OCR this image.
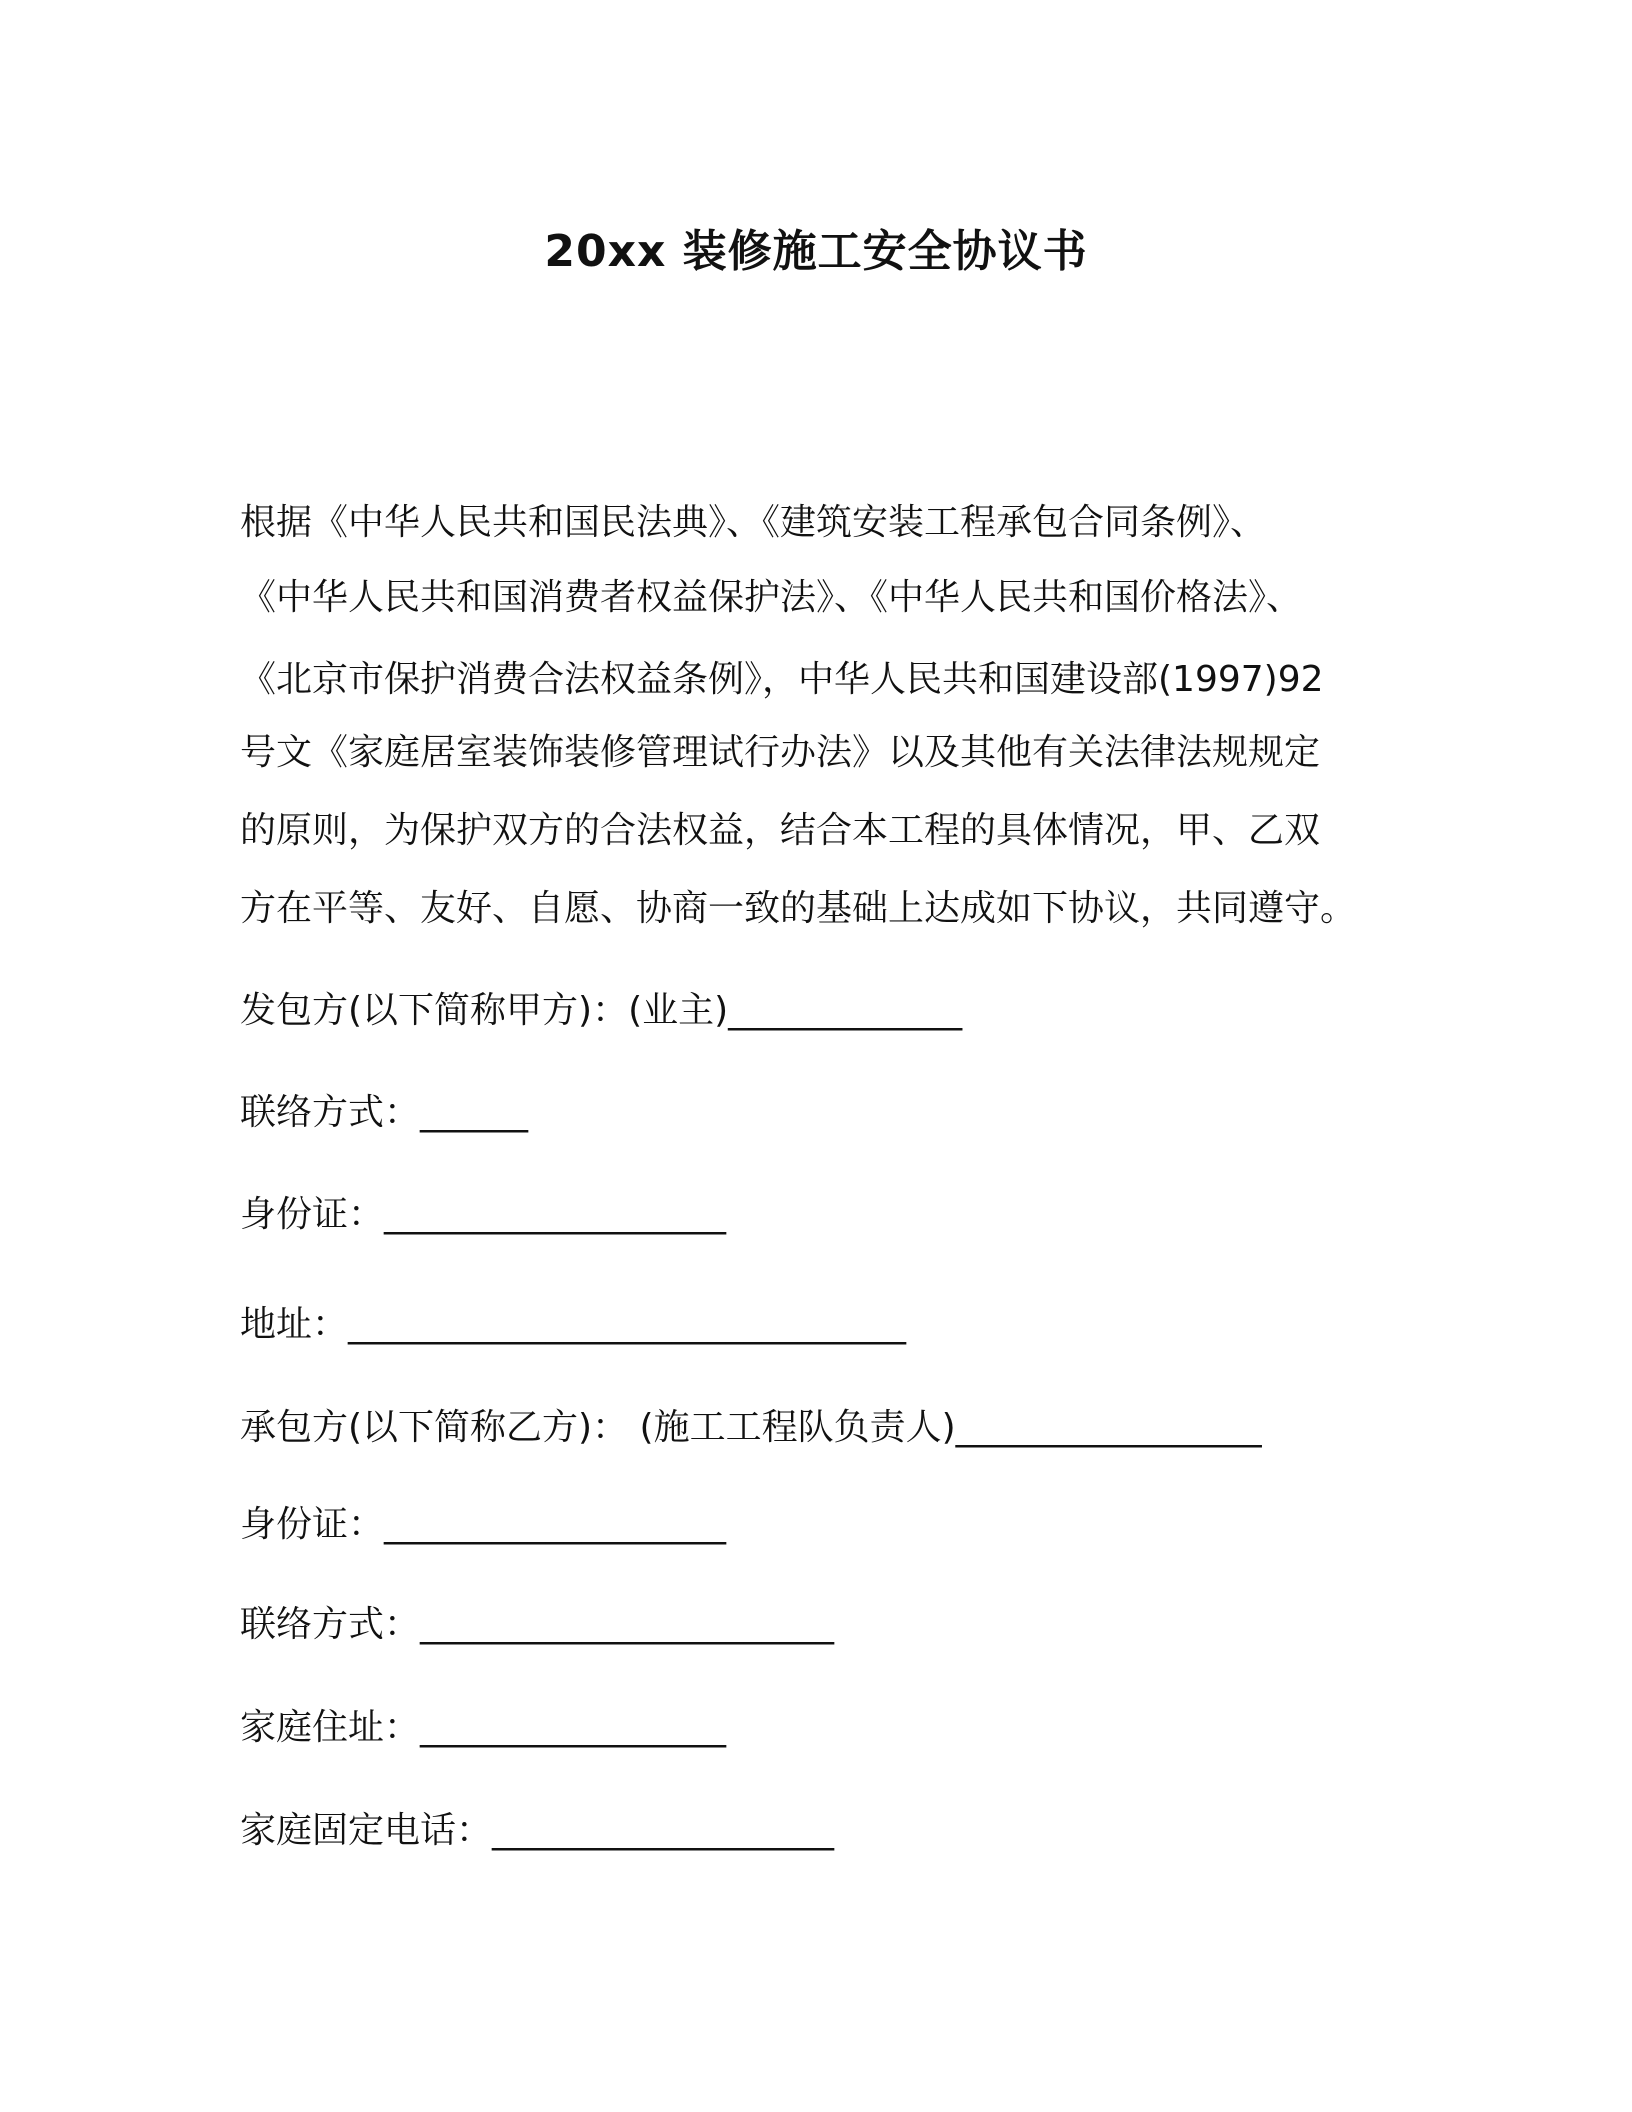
20xx 装修施工安全协议书
根据《中华人民共和国民法典》、《建筑安装工程承包合同条例》、
《中华人民共和国消费者权益保护法》、《中华人民共和国价格法》、
《北京市保护消费合法权益条例》，中华人民共和国建设部(1997)92
号文《家庭居室装饰装修管理试行办法》以及其他有关法律法规规定
的原则，为保护双方的合法权益，结合本工程的具体情况，甲、乙双
方在平等、友好、自愿、协商一致的基础上达成如下协议，共同遵守。
发包方(以下简称甲方)：(业主)_____________
联络方式：______
身份证：___________________
地址：_______________________________
承包方(以下简称乙方)： (施工工程队负责人)_________________
身份证：___________________
联络方式：_______________________
家庭住址：_________________
家庭固定电话：___________________
